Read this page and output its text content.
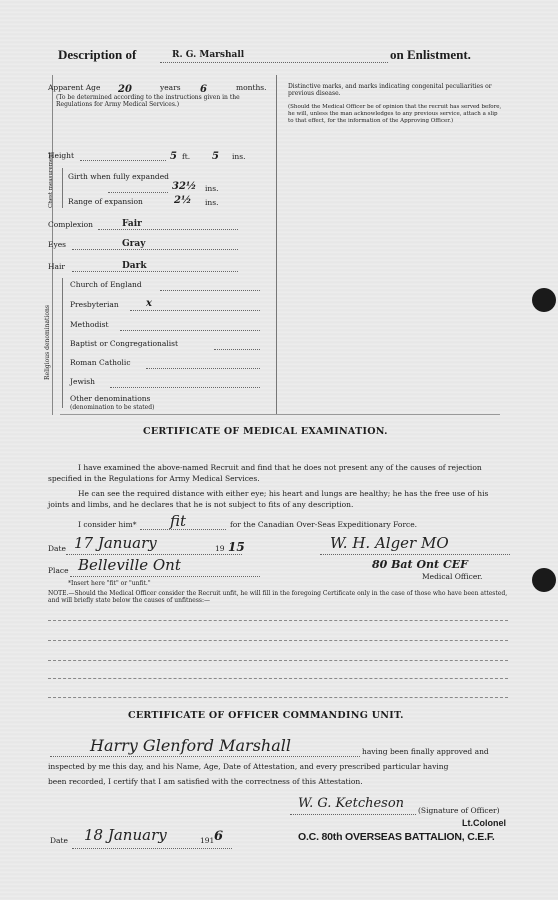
Description of	R. G. Marshall	on Enlistment.
Apparent Age 20	years 6	months.
(To be determined according to the instructions given in the Regulations for Army Medical Services.)
Distinctive marks, and marks indicating congenital peculiarities or previous disease.
(Should the Medical Officer be of opinion that the recruit has served before, he will, unless the man acknowledges to any previous service, attach a slip to that effect, for the information of the Approving Officer.)
Height	5 ft. 5 ins.
Chest measurement Girth when fully expanded
32½ ins.
Range of expansion	2½ ins.
Complexion	Fair
Eyes	Gray
Hair	Dark
Religious denominations
Church of England
Presbyterian	x
Methodist
Baptist or Congregationalist
Roman Catholic
Jewish
Other denominations
(denomination to be stated)
CERTIFICATE OF MEDICAL EXAMINATION.
I have examined the above-named Recruit and find that he does not present any of the causes of rejection specified in the Regulations for Army Medical Services.
He can see the required distance with either eye; his heart and lungs are healthy; he has the free use of his joints and limbs, and he declares that he is not subject to fits of any description.
I consider him* fit	for the Canadian Over-Seas Expeditionary Force.
Date 17 January	19 15	W. H. Alger MO
Place Belleville Ont	80 Bat Ont CEF
Medical Officer.
*Insert here "fit" or "unfit."
NOTE.—Should the Medical Officer consider the Recruit unfit, he will fill in the foregoing Certificate only in the case of those who have been attested, and will briefly state below the causes of unfitness:—
CERTIFICATE OF OFFICER COMMANDING UNIT.
Harry Glenford Marshall	having been finally approved and
inspected by me this day, and his Name, Age, Date of Attestation, and every prescribed particular having
been recorded, I certify that I am satisfied with the correctness of this Attestation.
W. G. Ketcheson (Signature of Officer)
Lt.Colonel
O.C. 80th OVERSEAS BATTALION, C.E.F.
Date 18 January	191 6
